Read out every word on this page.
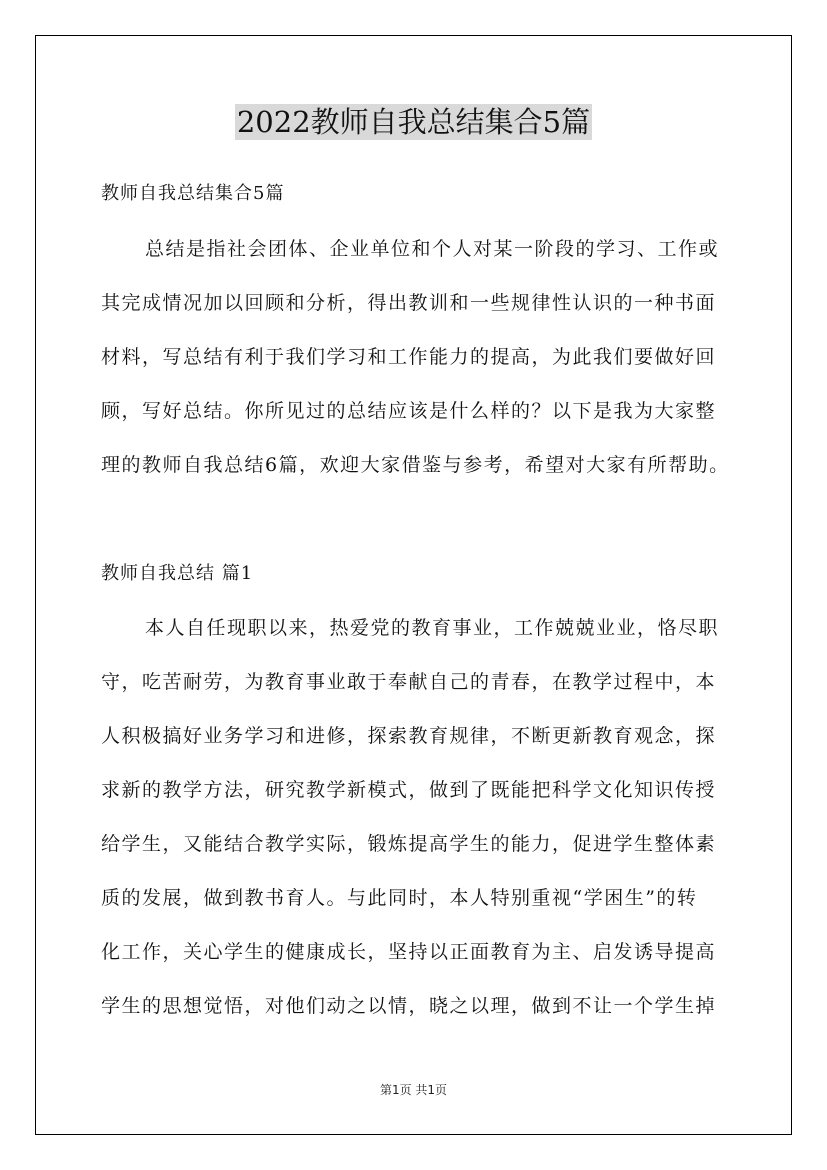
2022教师自我总结集合5篇
教师自我总结集合5篇
总结是指社会团体、企业单位和个人对某一阶段的学习、工作或
其完成情况加以回顾和分析，得出教训和一些规律性认识的一种书面
材料，写总结有利于我们学习和工作能力的提高，为此我们要做好回
顾，写好总结。你所见过的总结应该是什么样的？以下是我为大家整
理的教师自我总结6篇，欢迎大家借鉴与参考，希望对大家有所帮助。
教师自我总结 篇1
本人自任现职以来，热爱党的教育事业，工作兢兢业业，恪尽职
守，吃苦耐劳，为教育事业敢于奉献自己的青春，在教学过程中，本
人积极搞好业务学习和进修，探索教育规律，不断更新教育观念，探
求新的教学方法，研究教学新模式，做到了既能把科学文化知识传授
给学生，又能结合教学实际，锻炼提高学生的能力，促进学生整体素
质的发展，做到教书育人。与此同时，本人特别重视“学困生”的转
化工作，关心学生的健康成长，坚持以正面教育为主、启发诱导提高
学生的思想觉悟，对他们动之以情，晓之以理，做到不让一个学生掉
第1页 共1页
